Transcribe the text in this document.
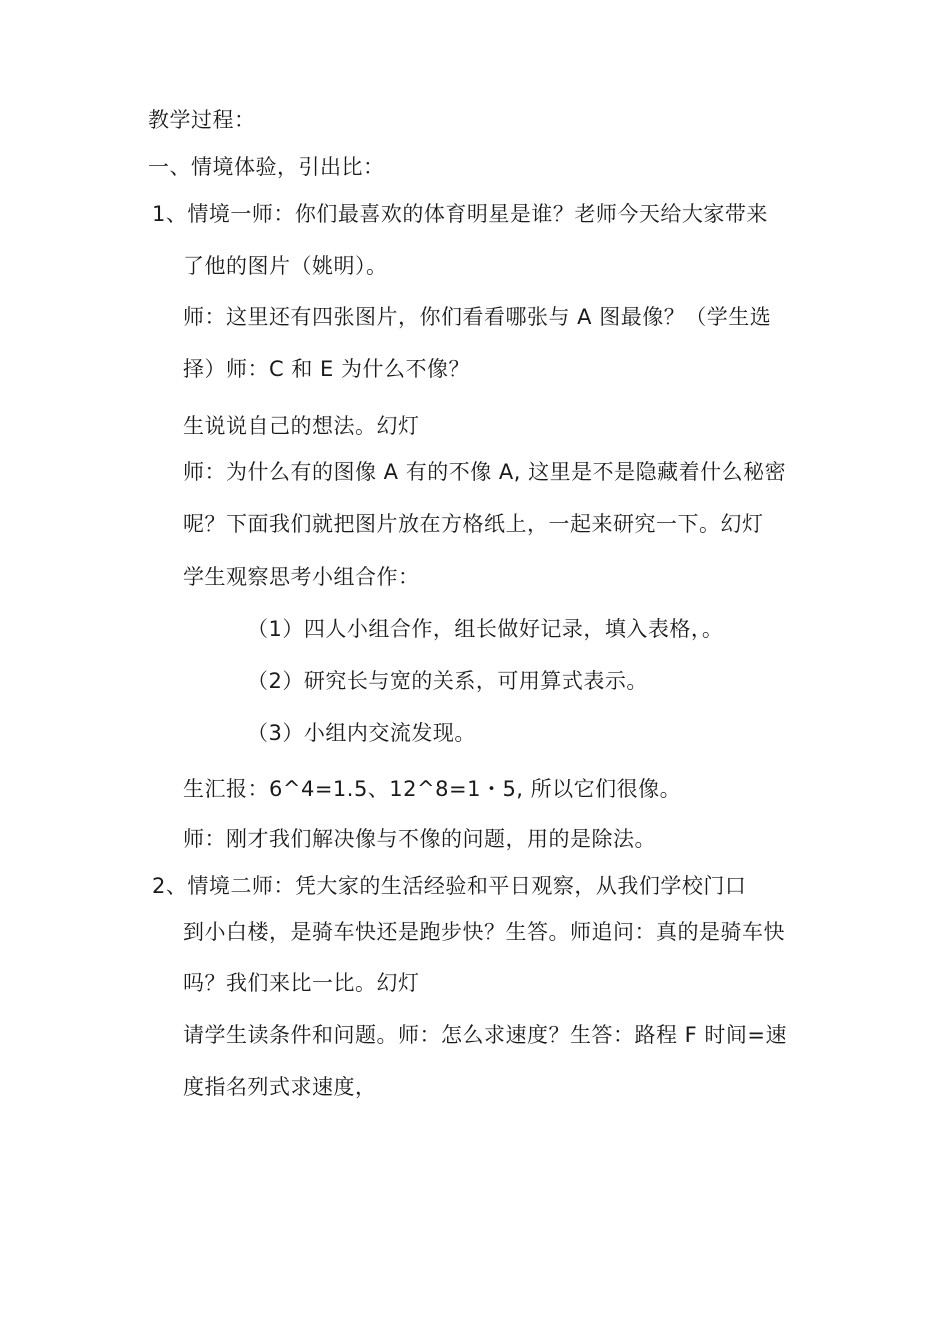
教学过程：
一、情境体验，引出比：
1、情境一师：你们最喜欢的体育明星是谁？老师今天给大家带来
了他的图片（姚明）。
师：这里还有四张图片，你们看看哪张与 A 图最像？（学生选
择）师：C 和 E 为什么不像？
生说说自己的想法。幻灯
师：为什么有的图像 A 有的不像 A, 这里是不是隐藏着什么秘密
呢？下面我们就把图片放在方格纸上，一起来研究一下。幻灯
学生观察思考小组合作：
（1）四人小组合作，组长做好记录，填入表格，。
（2）研究长与宽的关系，可用算式表示。
（3）小组内交流发现。
生汇报：6^4=1.5、12^8=1・5, 所以它们很像。
师：刚才我们解决像与不像的问题，用的是除法。
2、情境二师：凭大家的生活经验和平日观察，从我们学校门口
到小白楼，是骑车快还是跑步快？生答。师追问：真的是骑车快
吗？我们来比一比。幻灯
请学生读条件和问题。师：怎么求速度？生答：路程 F 时间=速
度指名列式求速度，
